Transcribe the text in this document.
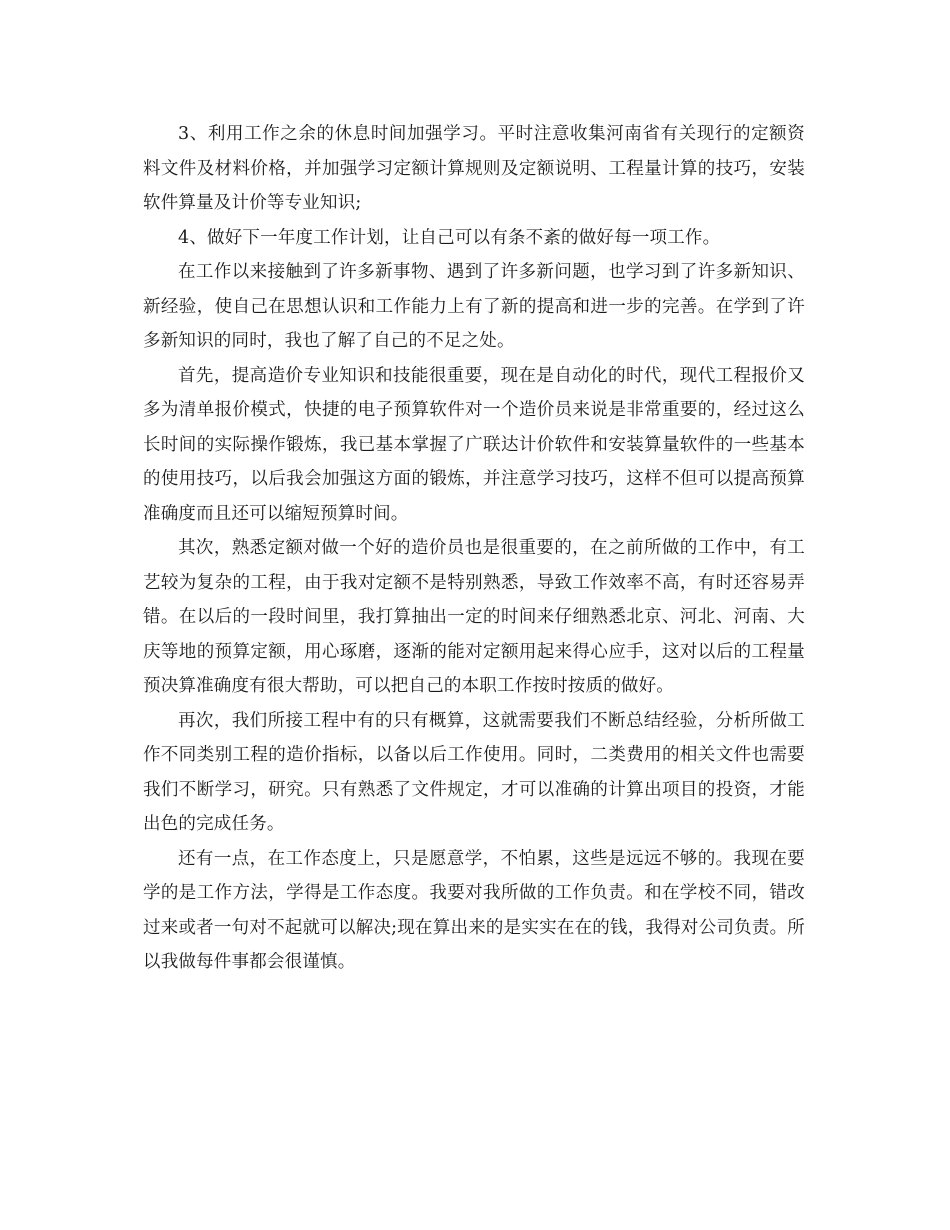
3、利用工作之余的休息时间加强学习。平时注意收集河南省有关现行的定额资料文件及材料价格，并加强学习定额计算规则及定额说明、工程量计算的技巧，安装软件算量及计价等专业知识;

4、做好下一年度工作计划，让自己可以有条不紊的做好每一项工作。

在工作以来接触到了许多新事物、遇到了许多新问题，也学习到了许多新知识、新经验，使自己在思想认识和工作能力上有了新的提高和进一步的完善。在学到了许多新知识的同时，我也了解了自己的不足之处。

首先，提高造价专业知识和技能很重要，现在是自动化的时代，现代工程报价又多为清单报价模式，快捷的电子预算软件对一个造价员来说是非常重要的，经过这么长时间的实际操作锻炼，我已基本掌握了广联达计价软件和安装算量软件的一些基本的使用技巧，以后我会加强这方面的锻炼，并注意学习技巧，这样不但可以提高预算准确度而且还可以缩短预算时间。

其次，熟悉定额对做一个好的造价员也是很重要的，在之前所做的工作中，有工艺较为复杂的工程，由于我对定额不是特别熟悉，导致工作效率不高，有时还容易弄错。在以后的一段时间里，我打算抽出一定的时间来仔细熟悉北京、河北、河南、大庆等地的预算定额，用心琢磨，逐渐的能对定额用起来得心应手，这对以后的工程量预决算准确度有很大帮助，可以把自己的本职工作按时按质的做好。

再次，我们所接工程中有的只有概算，这就需要我们不断总结经验，分析所做工作不同类别工程的造价指标，以备以后工作使用。同时，二类费用的相关文件也需要我们不断学习，研究。只有熟悉了文件规定，才可以准确的计算出项目的投资，才能出色的完成任务。

还有一点，在工作态度上，只是愿意学，不怕累，这些是远远不够的。我现在要学的是工作方法，学得是工作态度。我要对我所做的工作负责。和在学校不同，错改过来或者一句对不起就可以解决;现在算出来的是实实在在的钱，我得对公司负责。所以我做每件事都会很谨慎。
